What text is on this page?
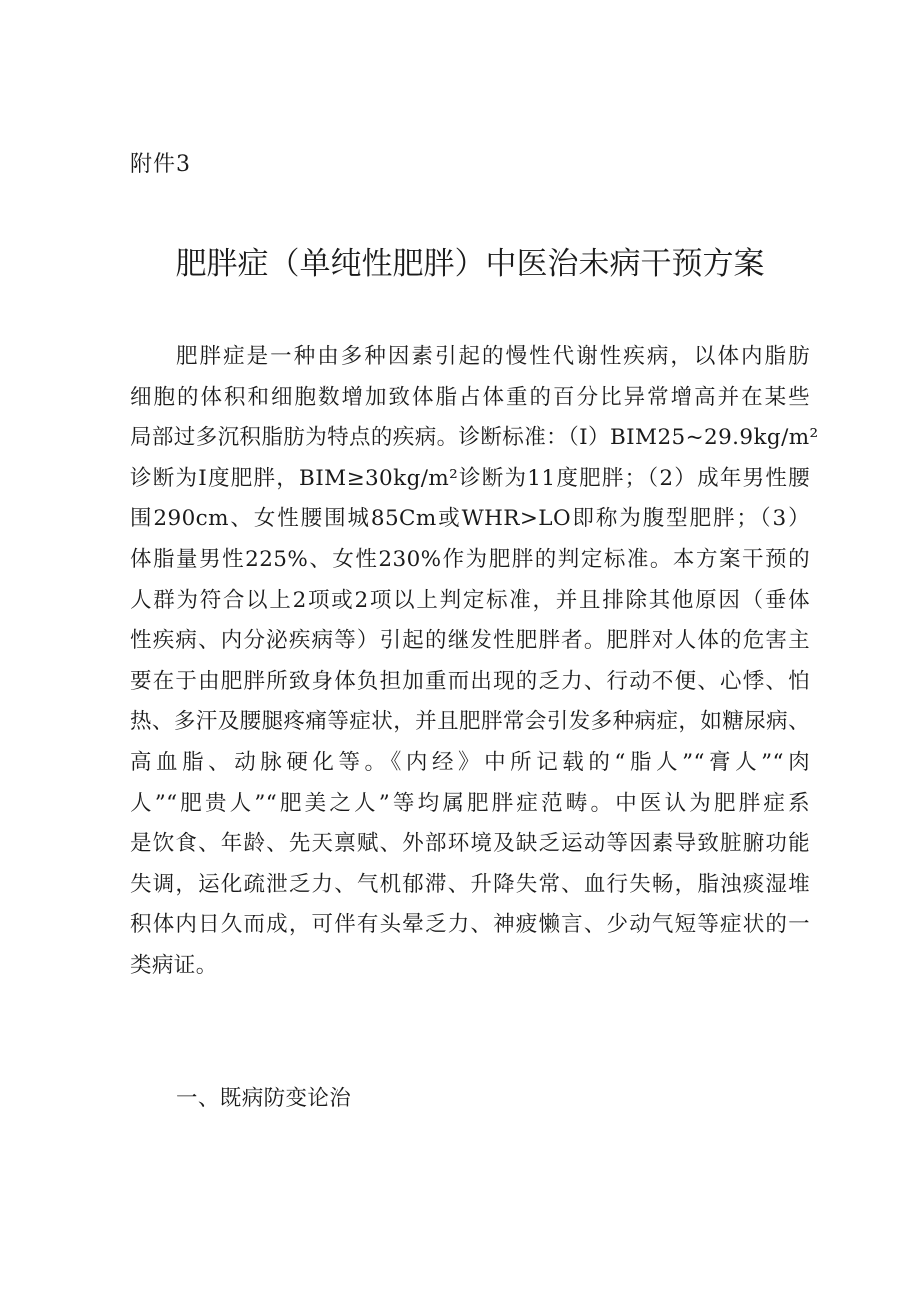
附件3
肥胖症（单纯性肥胖）中医治未病干预方案
肥胖症是一种由多种因素引起的慢性代谢性疾病，以体内脂肪
细胞的体积和细胞数增加致体脂占体重的百分比异常增高并在某些
局部过多沉积脂肪为特点的疾病。诊断标准：（I）BIM25~29.9kg∕m²
诊断为I度肥胖，BIM≥30kg∕m²诊断为11度肥胖；（2）成年男性腰
围290cm、女性腰围城85Cm或WHR>LO即称为腹型肥胖；（3）
体脂量男性225%、女性230%作为肥胖的判定标准。本方案干预的
人群为符合以上2项或2项以上判定标准，并且排除其他原因（垂体
性疾病、内分泌疾病等）引起的继发性肥胖者。肥胖对人体的危害主
要在于由肥胖所致身体负担加重而出现的乏力、行动不便、心悸、怕
热、多汗及腰腿疼痛等症状，并且肥胖常会引发多种病症，如糖尿病、
高血脂、动脉硬化等。《内经》中所记载的“脂人”“膏人”“肉
人”“肥贵人”“肥美之人”等均属肥胖症范畴。中医认为肥胖症系
是饮食、年龄、先天禀赋、外部环境及缺乏运动等因素导致脏腑功能
失调，运化疏泄乏力、气机郁滞、升降失常、血行失畅，脂浊痰湿堆
积体内日久而成，可伴有头晕乏力、神疲懒言、少动气短等症状的一
类病证。
一、既病防变论治
